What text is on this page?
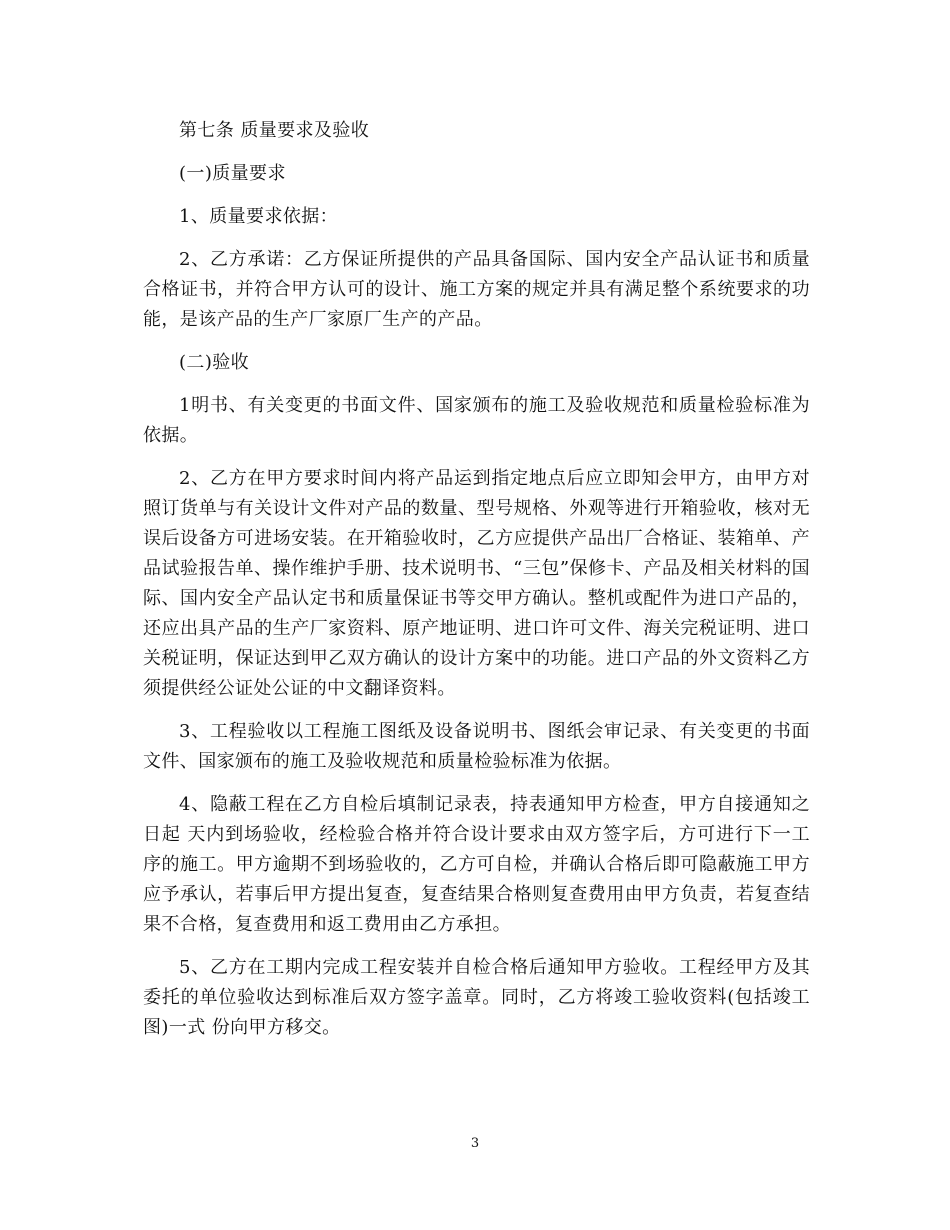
第七条 质量要求及验收

(一)质量要求

1、质量要求依据：

2、乙方承诺：乙方保证所提供的产品具备国际、国内安全产品认证书和质量合格证书，并符合甲方认可的设计、施工方案的规定并具有满足整个系统要求的功能，是该产品的生产厂家原厂生产的产品。

(二)验收

1明书、有关变更的书面文件、国家颁布的施工及验收规范和质量检验标准为依据。

2、乙方在甲方要求时间内将产品运到指定地点后应立即知会甲方，由甲方对照订货单与有关设计文件对产品的数量、型号规格、外观等进行开箱验收，核对无误后设备方可进场安装。在开箱验收时，乙方应提供产品出厂合格证、装箱单、产品试验报告单、操作维护手册、技术说明书、“三包”保修卡、产品及相关材料的国际、国内安全产品认定书和质量保证书等交甲方确认。整机或配件为进口产品的，还应出具产品的生产厂家资料、原产地证明、进口许可文件、海关完税证明、进口关税证明，保证达到甲乙双方确认的设计方案中的功能。进口产品的外文资料乙方须提供经公证处公证的中文翻译资料。

3、工程验收以工程施工图纸及设备说明书、图纸会审记录、有关变更的书面文件、国家颁布的施工及验收规范和质量检验标准为依据。

4、隐蔽工程在乙方自检后填制记录表，持表通知甲方检查，甲方自接通知之日起 天内到场验收，经检验合格并符合设计要求由双方签字后，方可进行下一工序的施工。甲方逾期不到场验收的，乙方可自检，并确认合格后即可隐蔽施工甲方应予承认，若事后甲方提出复查，复查结果合格则复查费用由甲方负责，若复查结果不合格，复查费用和返工费用由乙方承担。

5、乙方在工期内完成工程安装并自检合格后通知甲方验收。工程经甲方及其委托的单位验收达到标准后双方签字盖章。同时，乙方将竣工验收资料(包括竣工图)一式 份向甲方移交。

3
